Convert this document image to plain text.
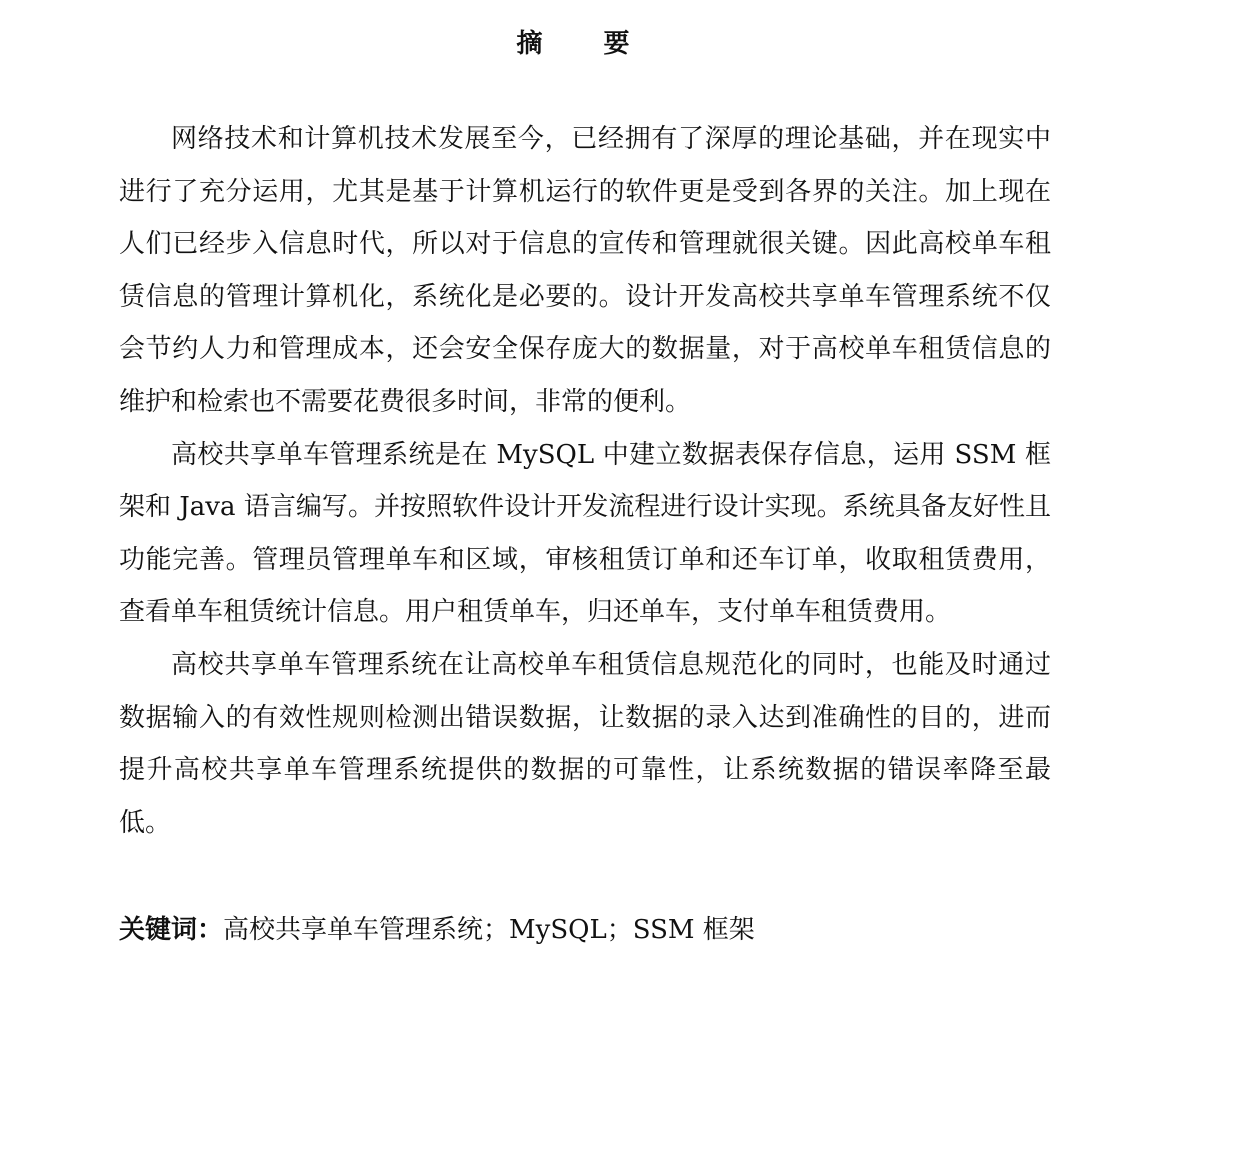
摘 要

网络技术和计算机技术发展至今，已经拥有了深厚的理论基础，并在现实中进行了充分运用，尤其是基于计算机运行的软件更是受到各界的关注。加上现在人们已经步入信息时代，所以对于信息的宣传和管理就很关键。因此高校单车租赁信息的管理计算机化，系统化是必要的。设计开发高校共享单车管理系统不仅会节约人力和管理成本，还会安全保存庞大的数据量，对于高校单车租赁信息的维护和检索也不需要花费很多时间，非常的便利。

高校共享单车管理系统是在 MySQL 中建立数据表保存信息，运用 SSM 框架和 Java 语言编写。并按照软件设计开发流程进行设计实现。系统具备友好性且功能完善。管理员管理单车和区域，审核租赁订单和还车订单，收取租赁费用，查看单车租赁统计信息。用户租赁单车，归还单车，支付单车租赁费用。

高校共享单车管理系统在让高校单车租赁信息规范化的同时，也能及时通过数据输入的有效性规则检测出错误数据，让数据的录入达到准确性的目的，进而提升高校共享单车管理系统提供的数据的可靠性，让系统数据的错误率降至最低。

关键词：高校共享单车管理系统；MySQL；SSM 框架
